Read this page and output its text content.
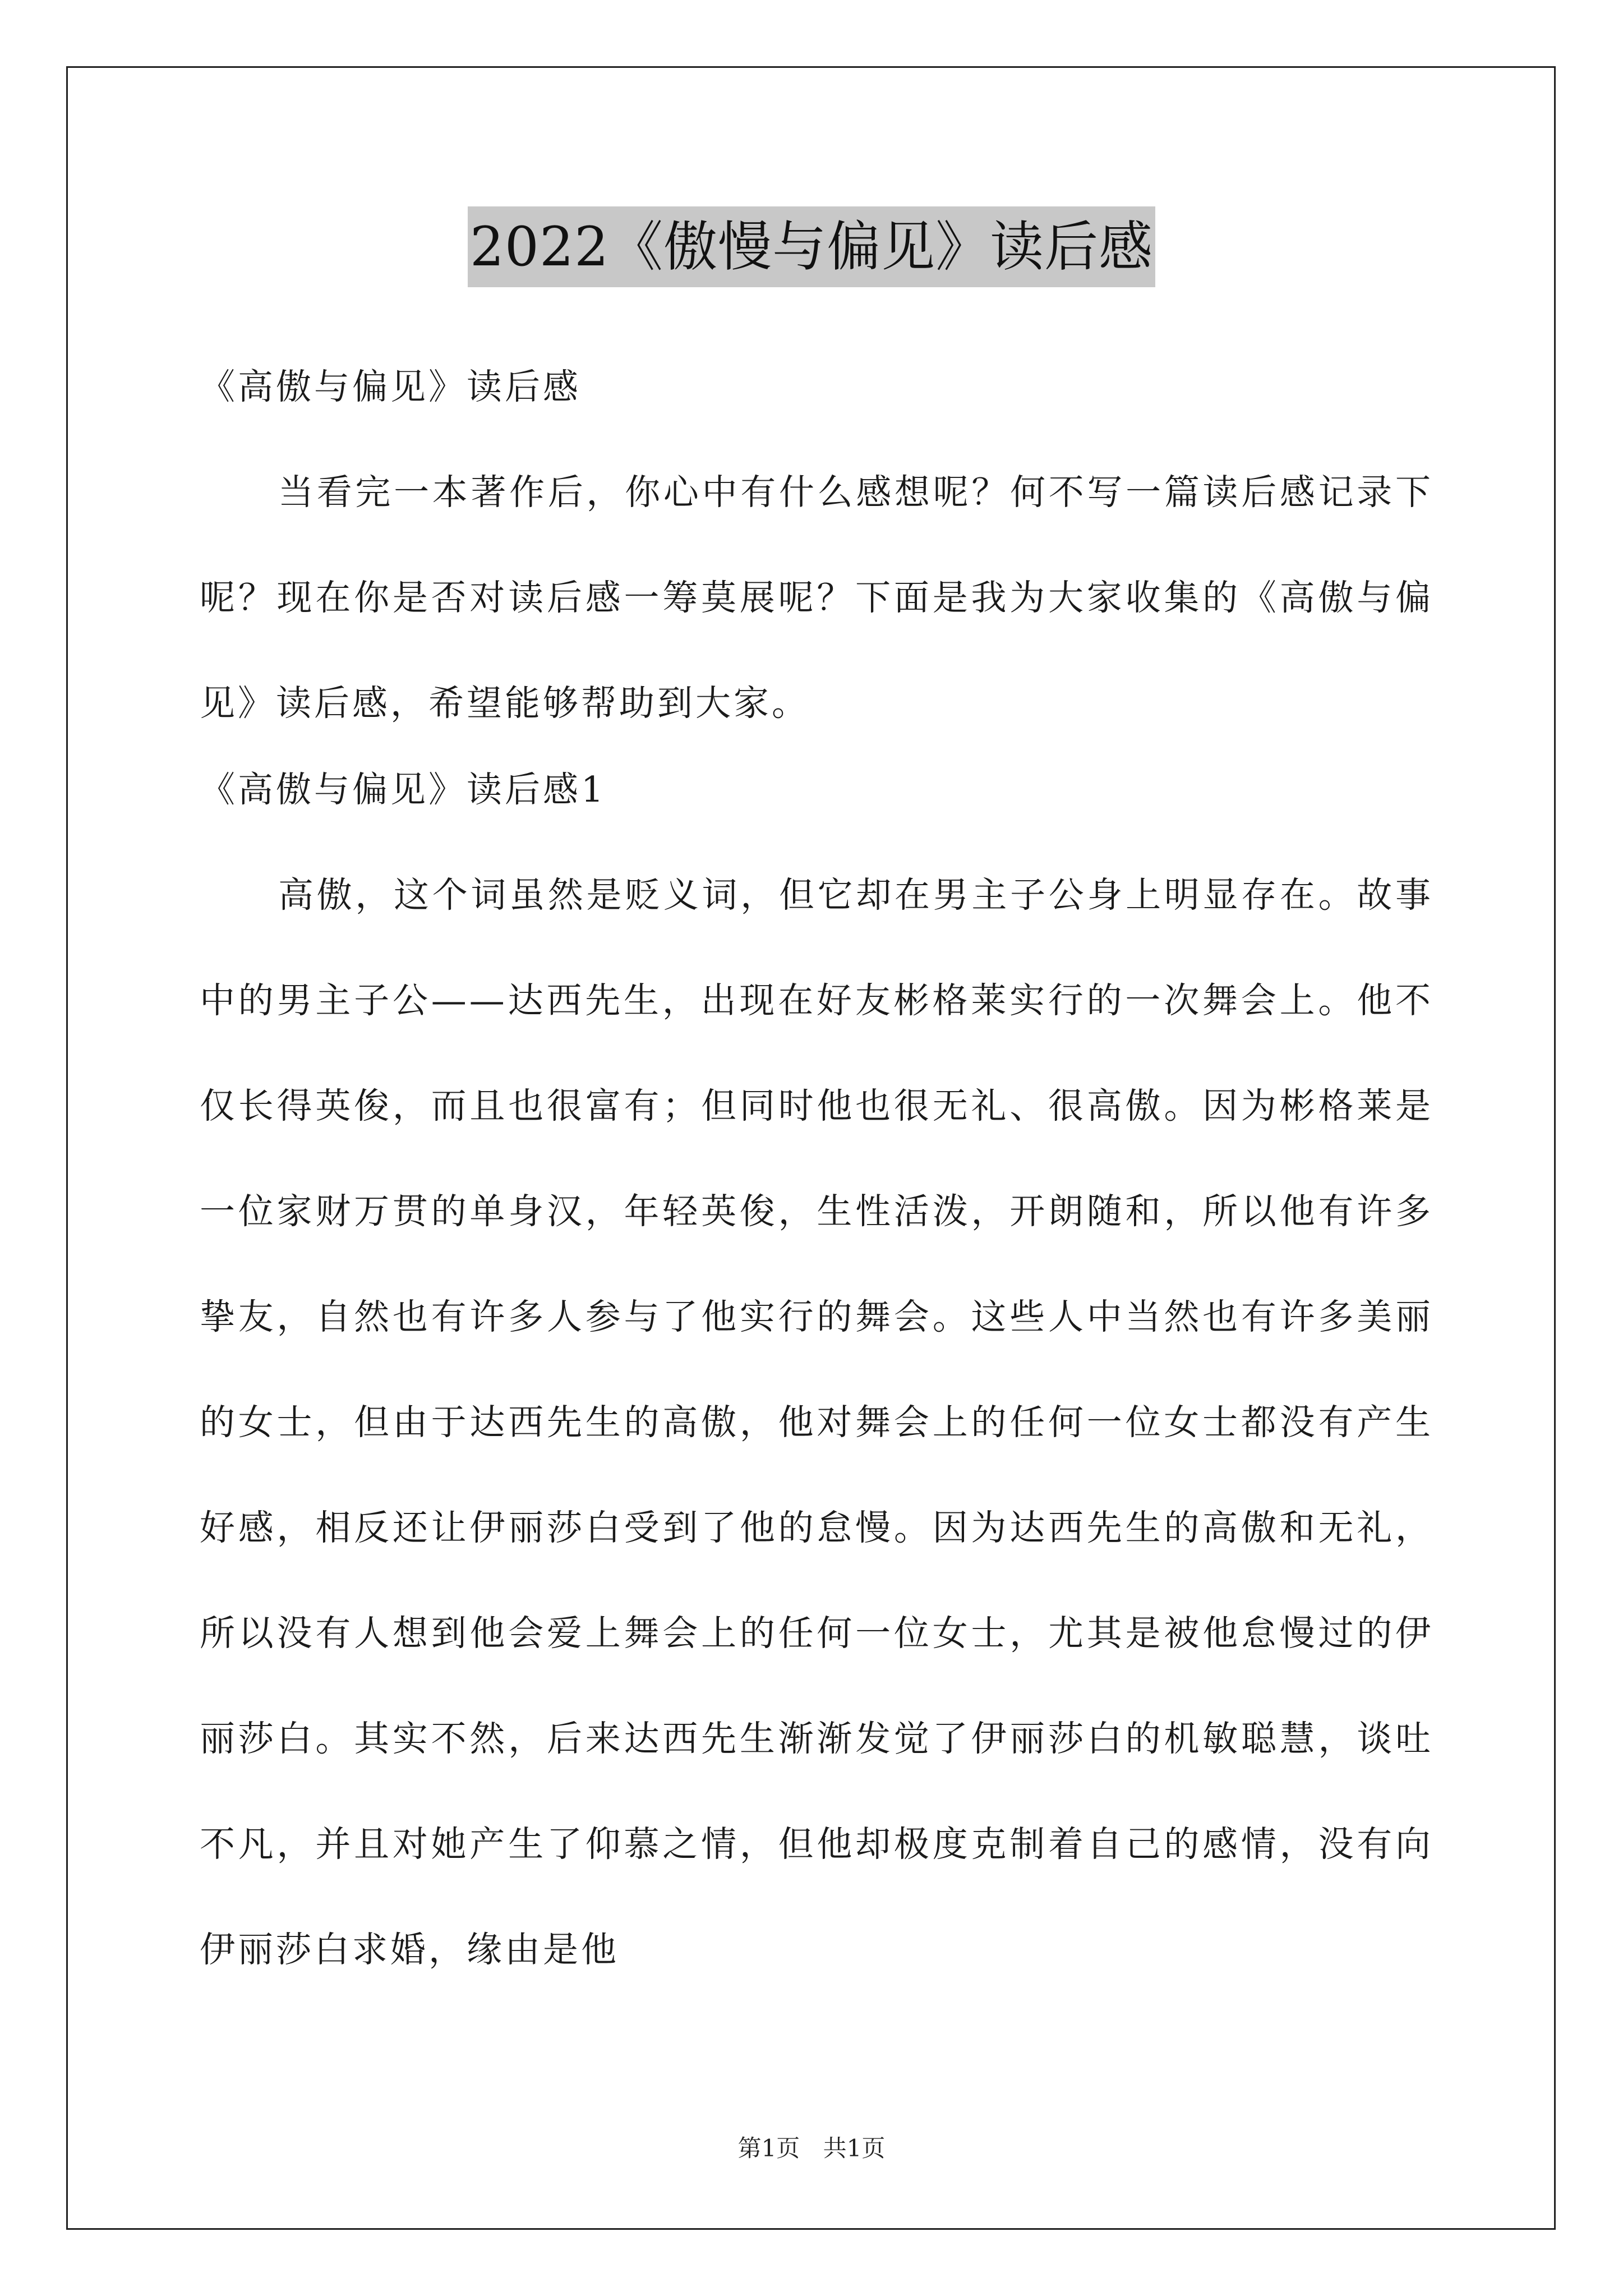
2022《傲慢与偏见》读后感
《高傲与偏见》读后感
当看完一本著作后，你心中有什么感想呢？何不写一篇读后感记录下呢？现在你是否对读后感一筹莫展呢？下面是我为大家收集的《高傲与偏见》读后感，希望能够帮助到大家。
《高傲与偏见》读后感1
高傲，这个词虽然是贬义词，但它却在男主子公身上明显存在。故事中的男主子公——达西先生，出现在好友彬格莱实行的一次舞会上。他不仅长得英俊，而且也很富有；但同时他也很无礼、很高傲。因为彬格莱是一位家财万贯的单身汉，年轻英俊，生性活泼，开朗随和，所以他有许多挚友，自然也有许多人参与了他实行的舞会。这些人中当然也有许多美丽的女士，但由于达西先生的高傲，他对舞会上的任何一位女士都没有产生好感，相反还让伊丽莎白受到了他的怠慢。因为达西先生的高傲和无礼，所以没有人想到他会爱上舞会上的任何一位女士，尤其是被他怠慢过的伊丽莎白。其实不然，后来达西先生渐渐发觉了伊丽莎白的机敏聪慧，谈吐不凡，并且对她产生了仰慕之情，但他却极度克制着自己的感情，没有向伊丽莎白求婚，缘由是他
第1页 共1页
